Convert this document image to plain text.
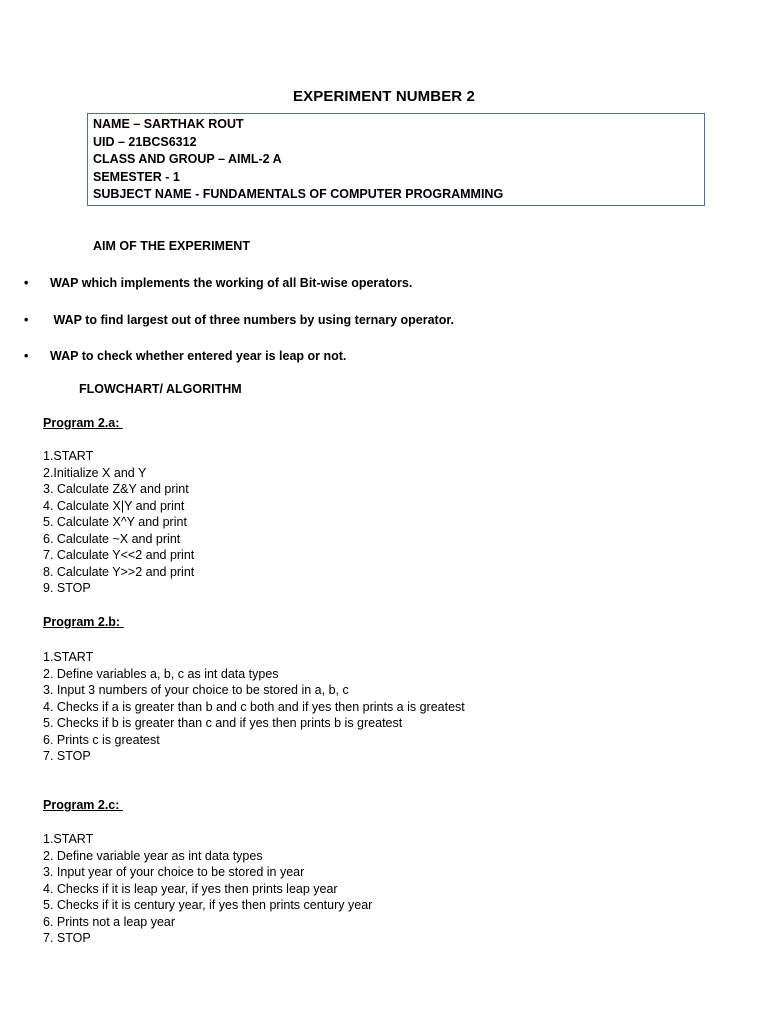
EXPERIMENT NUMBER 2
NAME – SARTHAK ROUT
UID – 21BCS6312
CLASS AND GROUP – AIML-2 A
SEMESTER - 1
SUBJECT NAME - FUNDAMENTALS OF COMPUTER PROGRAMMING
AIM OF THE EXPERIMENT
• WAP which implements the working of all Bit-wise operators.
• WAP to find largest out of three numbers by using ternary operator.
• WAP to check whether entered year is leap or not.
FLOWCHART/ ALGORITHM
Program 2.a:
1.START
2.Initialize X and Y
3. Calculate Z&Y and print
4. Calculate X|Y and print
5. Calculate X^Y and print
6. Calculate ~X and print
7. Calculate Y<<2 and print
8. Calculate Y>>2 and print
9. STOP
Program 2.b:
1.START
2. Define variables a, b, c as int data types
3. Input 3 numbers of your choice to be stored in a, b, c
4. Checks if a is greater than b and c both and if yes then prints a is greatest
5. Checks if b is greater than c and if yes then prints b is greatest
6. Prints c is greatest
7. STOP
Program 2.c:
1.START
2. Define variable year as int data types
3. Input year of your choice to be stored in year
4. Checks if it is leap year, if yes then prints leap year
5. Checks if it is century year, if yes then prints century year
6. Prints not a leap year
7. STOP
